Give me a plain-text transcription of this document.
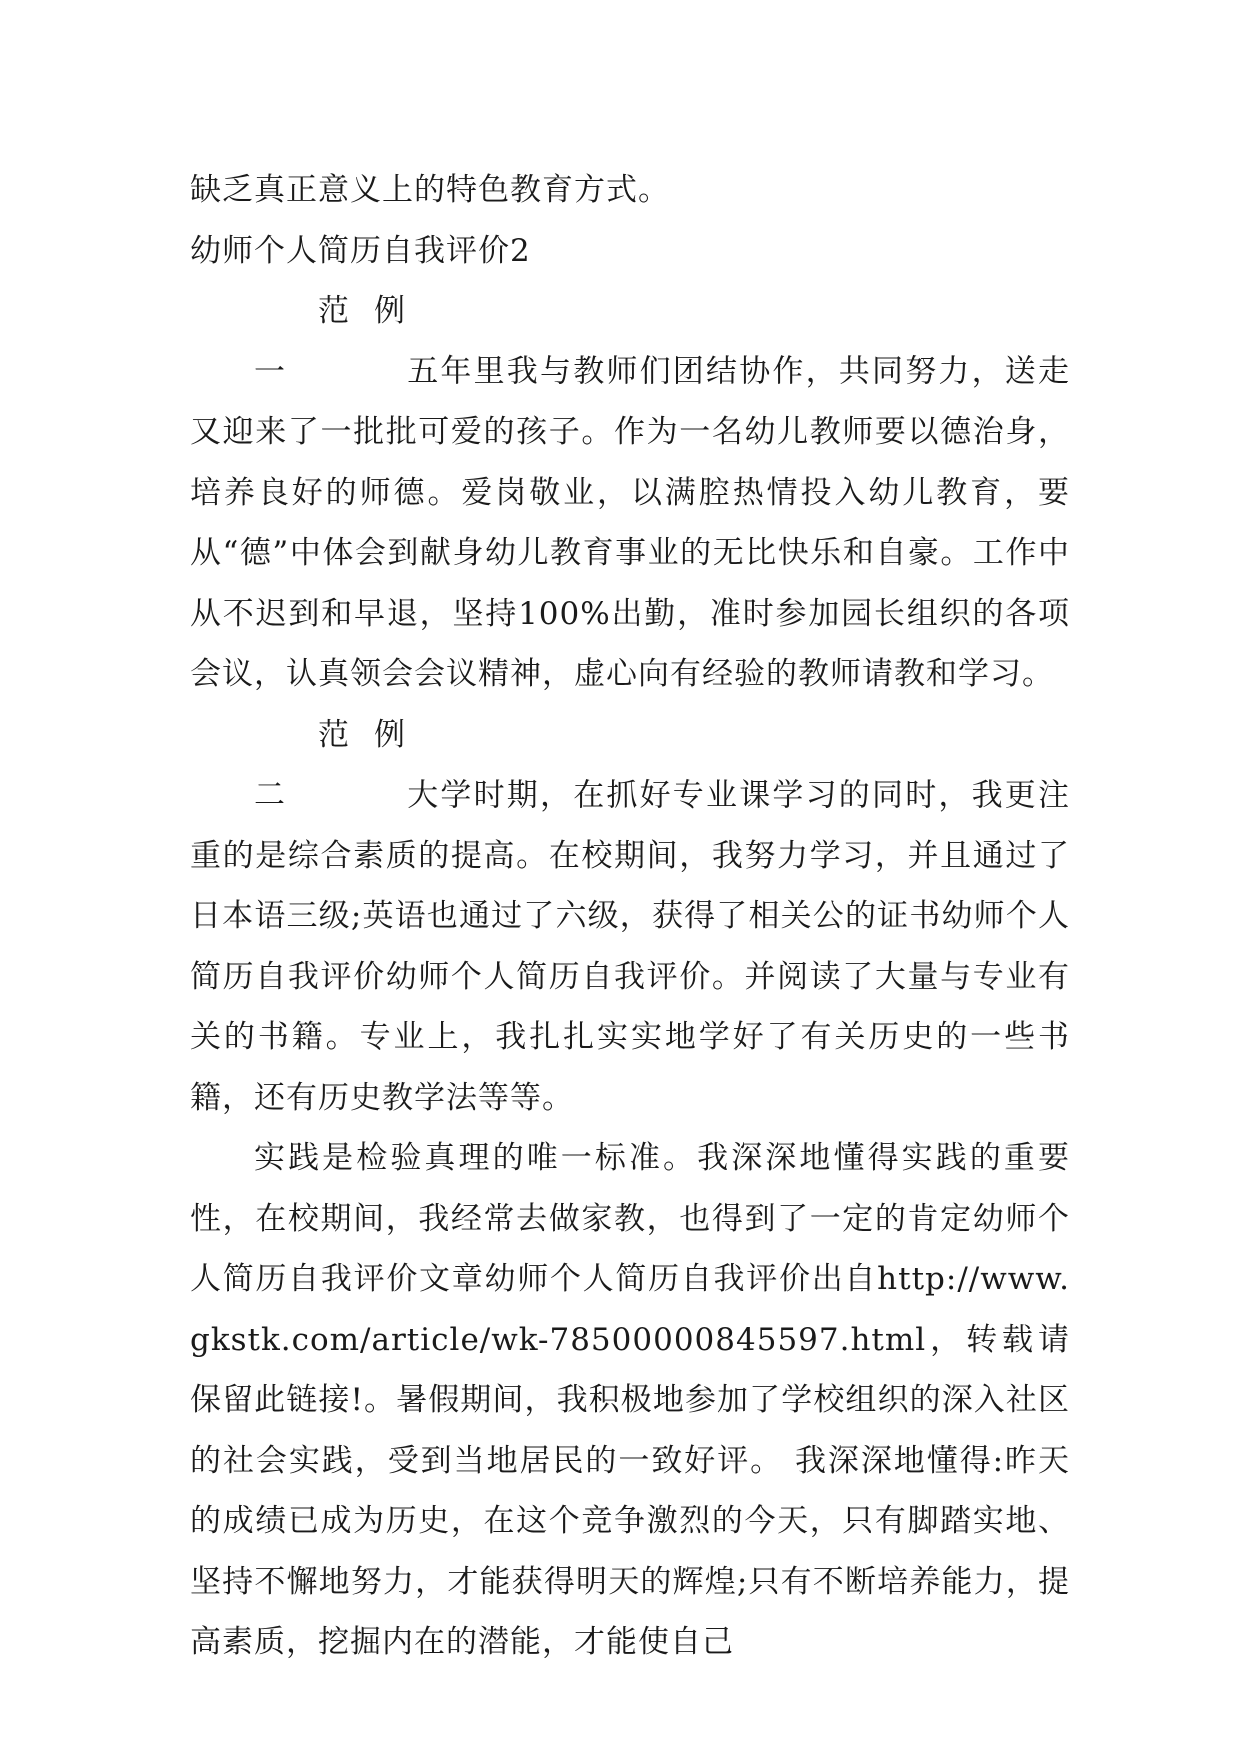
缺乏真正意义上的特色教育方式。

幼师个人简历自我评价2

范例一	五年里我与教师们团结协作，共同努力，送走又迎来了一批批可爱的孩子。作为一名幼儿教师要以德治身，培养良好的师德。爱岗敬业，以满腔热情投入幼儿教育，要从“德”中体会到献身幼儿教育事业的无比快乐和自豪。工作中从不迟到和早退，坚持100%出勤，准时参加园长组织的各项会议，认真领会会议精神，虚心向有经验的教师请教和学习。

范例二	大学时期，在抓好专业课学习的同时，我更注重的是综合素质的提高。在校期间，我努力学习，并且通过了日本语三级;英语也通过了六级，获得了相关公的证书幼师个人简历自我评价幼师个人简历自我评价。并阅读了大量与专业有关的书籍。专业上，我扎扎实实地学好了有关历史的一些书籍，还有历史教学法等等。

实践是检验真理的唯一标准。我深深地懂得实践的重要性，在校期间，我经常去做家教，也得到了一定的肯定幼师个人简历自我评价文章幼师个人简历自我评价出自http://www.gkstk.com/article/wk-78500000845597.html，转载请保留此链接!。暑假期间，我积极地参加了学校组织的深入社区的社会实践，受到当地居民的一致好评。 我深深地懂得:昨天的成绩已成为历史，在这个竞争激烈的今天，只有脚踏实地、坚持不懈地努力，才能获得明天的辉煌;只有不断培养能力，提高素质，挖掘内在的潜能，才能使自己
